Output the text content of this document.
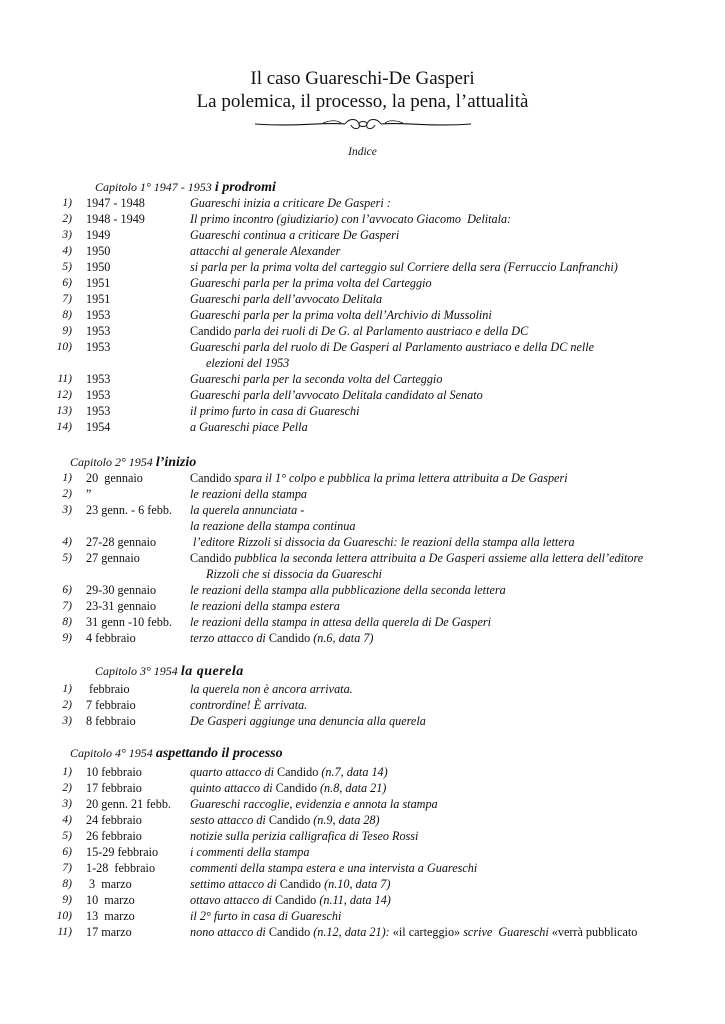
Il caso Guareschi-De Gasperi
La polemica, il processo, la pena, l’attualità
Indice
Capitolo 1° 1947 - 1953 i prodromi
1) 1947 - 1948	Guareschi inizia a criticare De Gasperi :
2) 1948 - 1949	Il primo incontro (giudiziario) con l’avvocato Giacomo  Delitala:
3) 1949	Guareschi continua a criticare De Gasperi
4) 1950	attacchi al generale Alexander
5) 1950	si parla per la prima volta del carteggio sul Corriere della sera (Ferruccio Lanfranchi)
6) 1951	Guareschi parla per la prima volta del Carteggio
7) 1951	Guareschi parla dell’avvocato Delitala
8) 1953	Guareschi parla per la prima volta dell’Archivio di Mussolini
9) 1953	Candido parla dei ruoli di De G. al Parlamento austriaco e della DC
10) 1953	Guareschi parla del ruolo di De Gasperi al Parlamento austriaco e della DC nelle
elezioni del 1953
11) 1953	Guareschi parla per la seconda volta del Carteggio
12) 1953	Guareschi parla dell’avvocato Delitala candidato al Senato
13) 1953	il primo furto in casa di Guareschi
14) 1954	a Guareschi piace Pella
Capitolo 2° 1954 l’inizio
1) 20  gennaio	Candido spara il 1° colpo e pubblica la prima lettera attribuita a De Gasperi
2) ”	le reazioni della stampa
3) 23 genn. - 6 febb. la querela annunciata -
la reazione della stampa continua
4) 27-28 gennaio	l’editore Rizzoli si dissocia da Guareschi: le reazioni della stampa alla lettera
5) 27 gennaio	Candido pubblica la seconda lettera attribuita a De Gasperi assieme alla lettera dell’editore
Rizzoli che si dissocia da Guareschi
6) 29-30 gennaio	le reazioni della stampa alla pubblicazione della seconda lettera
7) 23-31 gennaio	le reazioni della stampa estera
8) 31 genn -10 febb. le reazioni della stampa in attesa della querela di De Gasperi
9) 4 febbraio	terzo attacco di Candido (n.6, data 7)
Capitolo 3° 1954 la querela
1) febbraio	la querela non è ancora arrivata.
2) 7 febbraio	contrordine! È arrivata.
3) 8 febbraio	De Gasperi aggiunge una denuncia alla querela
Capitolo 4° 1954 aspettando il processo
1) 10 febbraio	quarto attacco di Candido (n.7, data 14)
2) 17 febbraio	quinto attacco di Candido (n.8, data 21)
3) 20 genn. 21 febb. Guareschi raccoglie, evidenzia e annota la stampa
4) 24 febbraio	sesto attacco di Candido (n.9, data 28)
5) 26 febbraio	notizie sulla perizia calligrafica di Teseo Rossi
6) 15-29 febbraio	i commenti della stampa
7) 1-28  febbraio	commenti della stampa estera e una intervista a Guareschi
8) 3  marzo	settimo attacco di Candido (n.10, data 7)
9) 10  marzo	ottavo attacco di Candido (n.11, data 14)
10) 13  marzo	il 2° furto in casa di Guareschi
11) 17 marzo	nono attacco di Candido (n.12, data 21): «il carteggio» scrive  Guareschi «verrà pubblicato
